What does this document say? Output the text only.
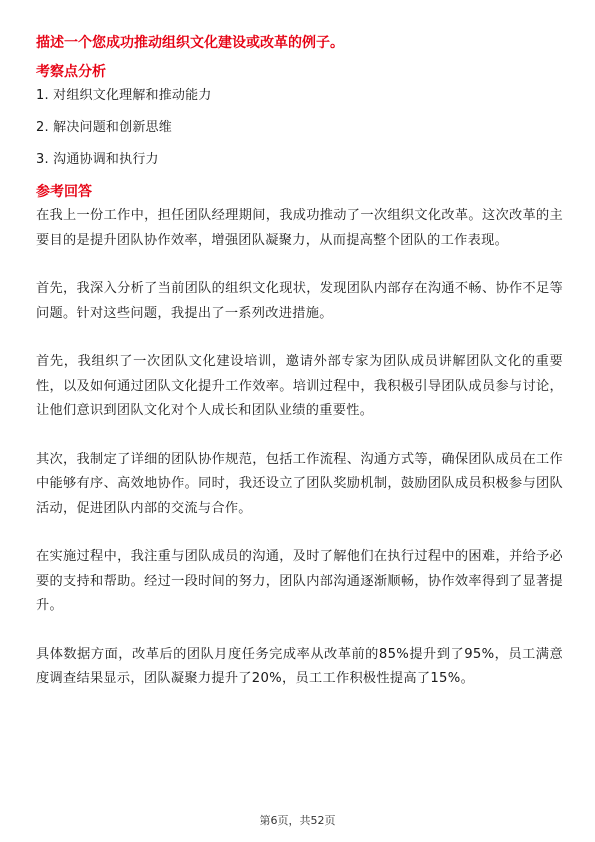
描述一个您成功推动组织文化建设或改革的例子。
考察点分析
1. 对组织文化理解和推动能力
2. 解决问题和创新思维
3. 沟通协调和执行力
参考回答

在我上一份工作中，担任团队经理期间，我成功推动了一次组织文化改革。这次改革的主要目的是提升团队协作效率，增强团队凝聚力，从而提高整个团队的工作表现。

首先，我深入分析了当前团队的组织文化现状，发现团队内部存在沟通不畅、协作不足等问题。针对这些问题，我提出了一系列改进措施。

首先，我组织了一次团队文化建设培训，邀请外部专家为团队成员讲解团队文化的重要性，以及如何通过团队文化提升工作效率。培训过程中，我积极引导团队成员参与讨论，让他们意识到团队文化对个人成长和团队业绩的重要性。

其次，我制定了详细的团队协作规范，包括工作流程、沟通方式等，确保团队成员在工作中能够有序、高效地协作。同时，我还设立了团队奖励机制，鼓励团队成员积极参与团队活动，促进团队内部的交流与合作。

在实施过程中，我注重与团队成员的沟通，及时了解他们在执行过程中的困难，并给予必要的支持和帮助。经过一段时间的努力，团队内部沟通逐渐顺畅，协作效率得到了显著提升。

具体数据方面，改革后的团队月度任务完成率从改革前的85%提升到了95%，员工满意度调查结果显示，团队凝聚力提升了20%，员工工作积极性提高了15%。

第6页，共52页
